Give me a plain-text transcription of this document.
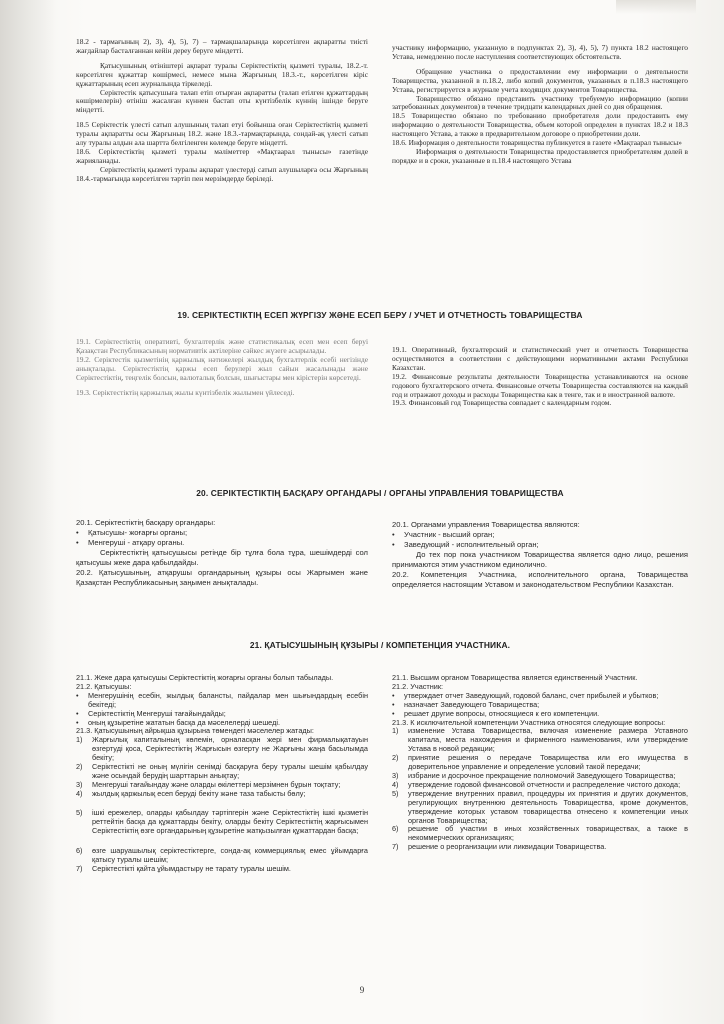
18.2 - тармағының 2), 3), 4), 5), 7) – тармақшаларында көрсетілген ақпаратты тиісті жағдайлар басталғаннан кейін дереу беруге міндетті.

Қатысушының өтініштері ақпарат туралы Серіктестіктің қызметі туралы, 18.2.-т. көрсетілген құжаттар көшірмесі, немесе мына Жарғының 18.3.-т., көрсетілген кіріс құжаттарының есеп журналында тіркеледі.

Серіктестік қатысушыға талап етіп отырған ақпаратты (талап етілген құжаттардың көшірмелерін) өтініш жасалған күннен бастап оты күнтізбелік күннің ішінде беруге міндетті.

18.5 Серіктестік үлесті сатып алушының талап етуі бойынша оған Серіктестіктің қызметі туралы ақпаратты осы Жарғының 18.2. және 18.3.-тармақтарында, сондай-ақ үлесті сатып алу туралы алдын ала шартта белгіленген көлемде беруге міндетті.

18.6. Серіктестіктің қызметі туралы мәліметтер «Мақтаарал тынысы» газетінде жарияланады.

Серіктестіктің қызметі туралы ақпарат үлестерді сатып алушыларға осы Жарғының 18.4.-тармағында көрсетілген тәртіп пен мерзімдерде беріледі.

участнику информацию, указанную в подпунктах 2), 3), 4), 5), 7) пункта 18.2 настоящего Устава, немедленно после наступления соответствующих обстоятельств.

Обращение участника о предоставлении ему информации о деятельности Товарищества, указанной в п.18.2, либо копий документов, указанных в п.18.3 настоящего Устава, регистрируется в журнале учета входящих документов Товарищества.

Товарищество обязано представить участнику требуемую информацию (копии затребованных документов) в течение тридцати календарных дней со дня обращения.

18.5 Товарищество обязано по требованию приобретателя доли предоставить ему информацию о деятельности Товарищества, объем которой определен в пунктах 18.2 и 18.3 настоящего Устава, а также в предварительном договоре о приобретении доли.

18.6. Информация о деятельности товарищества публикуется в газете «Мақтаарал тынысы»

Информация о деятельности Товарищества предоставляется приобретателям долей в порядке и в сроки, указанные в п.18.4 настоящего Устава

19. СЕРІКТЕСТІКТІҢ ЕСЕП ЖҮРГІЗУ ЖӘНЕ ЕСЕП БЕРУ / УЧЕТ И ОТЧЕТНОСТЬ ТОВАРИЩЕСТВА

19.1. Серіктестіктің оперативті, бухгалтерлік және статистикалық есеп мен есеп беруі Қазақстан Республикасының нормативтік актілеріне сәйкес жүзеге асырылады.

19.2. Серіктестік қызметінің қаржылық нәтижелері жылдық бухгалтерлік есебі негізінде анықталады. Серіктестіктің қаржы есеп берулері жыл сайын жасалынады және Серіктестіктің, теңгелік болсын, валюталық болсын, шығыстары мен кірістерін көрсетеді.

19.3. Серіктестіктің қаржылық жылы күнтізбелік жылымен үйлеседі.

19.1. Оперативный, бухгалтерский и статистический учет и отчетность Товарищества осуществляются в соответствии с действующими нормативными актами Республики Казахстан.

19.2. Финансовые результаты деятельности Товарищества устанавливаются на основе годового бухгалтерского отчета. Финансовые отчеты Товарищества составляются на каждый год и отражают доходы и расходы Товарищества как в тенге, так и в иностранной валюте.

19.3. Финансовый год Товарищества совпадает с календарным годом.

20. СЕРІКТЕСТІКТІҢ БАСҚАРУ ОРГАНДАРЫ / ОРГАНЫ УПРАВЛЕНИЯ ТОВАРИЩЕСТВА

20.1. Серіктестіктің басқару органдары:

• Қатысушы- жоғарғы органы;
• Менгеруші - атқару органы.

Серіктестіктің қатысушысы ретінде бір тұлға бола тұра, шешімдерді сол қатысушы жеке дара қабылдайды.

20.2. Қатысушының, атқарушы органдарының құзыры осы Жарғымен және Қазақстан Республикасының заңымен анықталады.

20.1. Органами управления Товарищества являются:

• Участник - высший орган;
• Заведующий - исполнительный орган;

До тех пор пока участником Товарищества является одно лицо, решения принимаются этим участником единолично.

20.2. Компетенция Участника, исполнительного органа, Товарищества определяется настоящим Уставом и законодательством Республики Казахстан.

21. ҚАТЫСУШЫНЫҢ ҚҰЗЫРЫ / КОМПЕТЕНЦИЯ УЧАСТНИКА.

21.1. Жеке дара қатысушы Серіктестіктің жоғарғы органы болып табылады.

21.2. Қатысушы:

• Менгерушінің есебін, жылдық балансты, пайдалар мен шығындардың есебін бекітеді;
• Серіктестіктің Менгеруші тағайындайды;
• оның құзыретіне жататын басқа да мәселелерді шешеді.

21.3. Қатысушының айрықша құзырына төмендегі мәселелер жатады:

1) Жарғылық капиталының көлемін, орналасқан жері мен фирмалықатауын өзгертуді қоса, Серіктестіктің Жарғысын өзгерту не Жарғыны жаңа басылымда бекіту;
2) Серіктестікті не оның мүлігін сенімді басқаруға беру туралы шешім қабылдау және осындай берудің шарттарын анықтау;
3) Менгеруші тағайындау және оларды өкілеттері мерзімнен бұрын тоқтату;
4) жылдық қаржылық есеп беруді бекіту және таза табысты бөлу;
5) ішкі ережелер, оларды қабылдау тәртіпгерін және Серіктестіктің ішкі қызметін реттейтін басқа да құжаттарды бекіту, оларды бекіту Серіктестіктің жарғысымен Серіктестіктің өзге органдарының құзыретіне жатқызылған құжаттардан басқа;
6) өзге шаруашылық серіктестіктерге, сонда-ақ коммерциялық емес ұйымдарға қатысу туралы шешім;
7) Серіктестікті қайта ұйымдастыру не тарату туралы шешім.

21.1. Высшим органом Товарищества является единственный Участник.

21.2. Участник:

• утверждает отчет Заведующий, годовой баланс, счет прибылей и убытков;
• назначает Заведующего Товарищества;
• решает другие вопросы, относящиеся к его компетенции.

21.3. К исключительной компетенции Участника относятся следующие вопросы:

1) изменение Устава Товарищества, включая изменение размера Уставного капитала, места нахождения и фирменного наименования, или утверждение Устава в новой редакции;
2) принятие решения о передаче Товарищества или его имущества в доверительное управление и определение условий такой передачи;
3) избрание и досрочное прекращение полномочий Заведующего Товарищества;
4) утверждение годовой финансовой отчетности и распределение чистого дохода;
5) утверждение внутренних правил, процедуры их принятия и других документов, регулирующих внутреннюю деятельность Товарищества, кроме документов, утверждение которых уставом товарищества отнесено к компетенции иных органов Товарищества;
6) решение об участии в иных хозяйственных товариществах, а также в некоммерческих организациях;
7) решение о реорганизации или ликвидации Товарищества.
9
